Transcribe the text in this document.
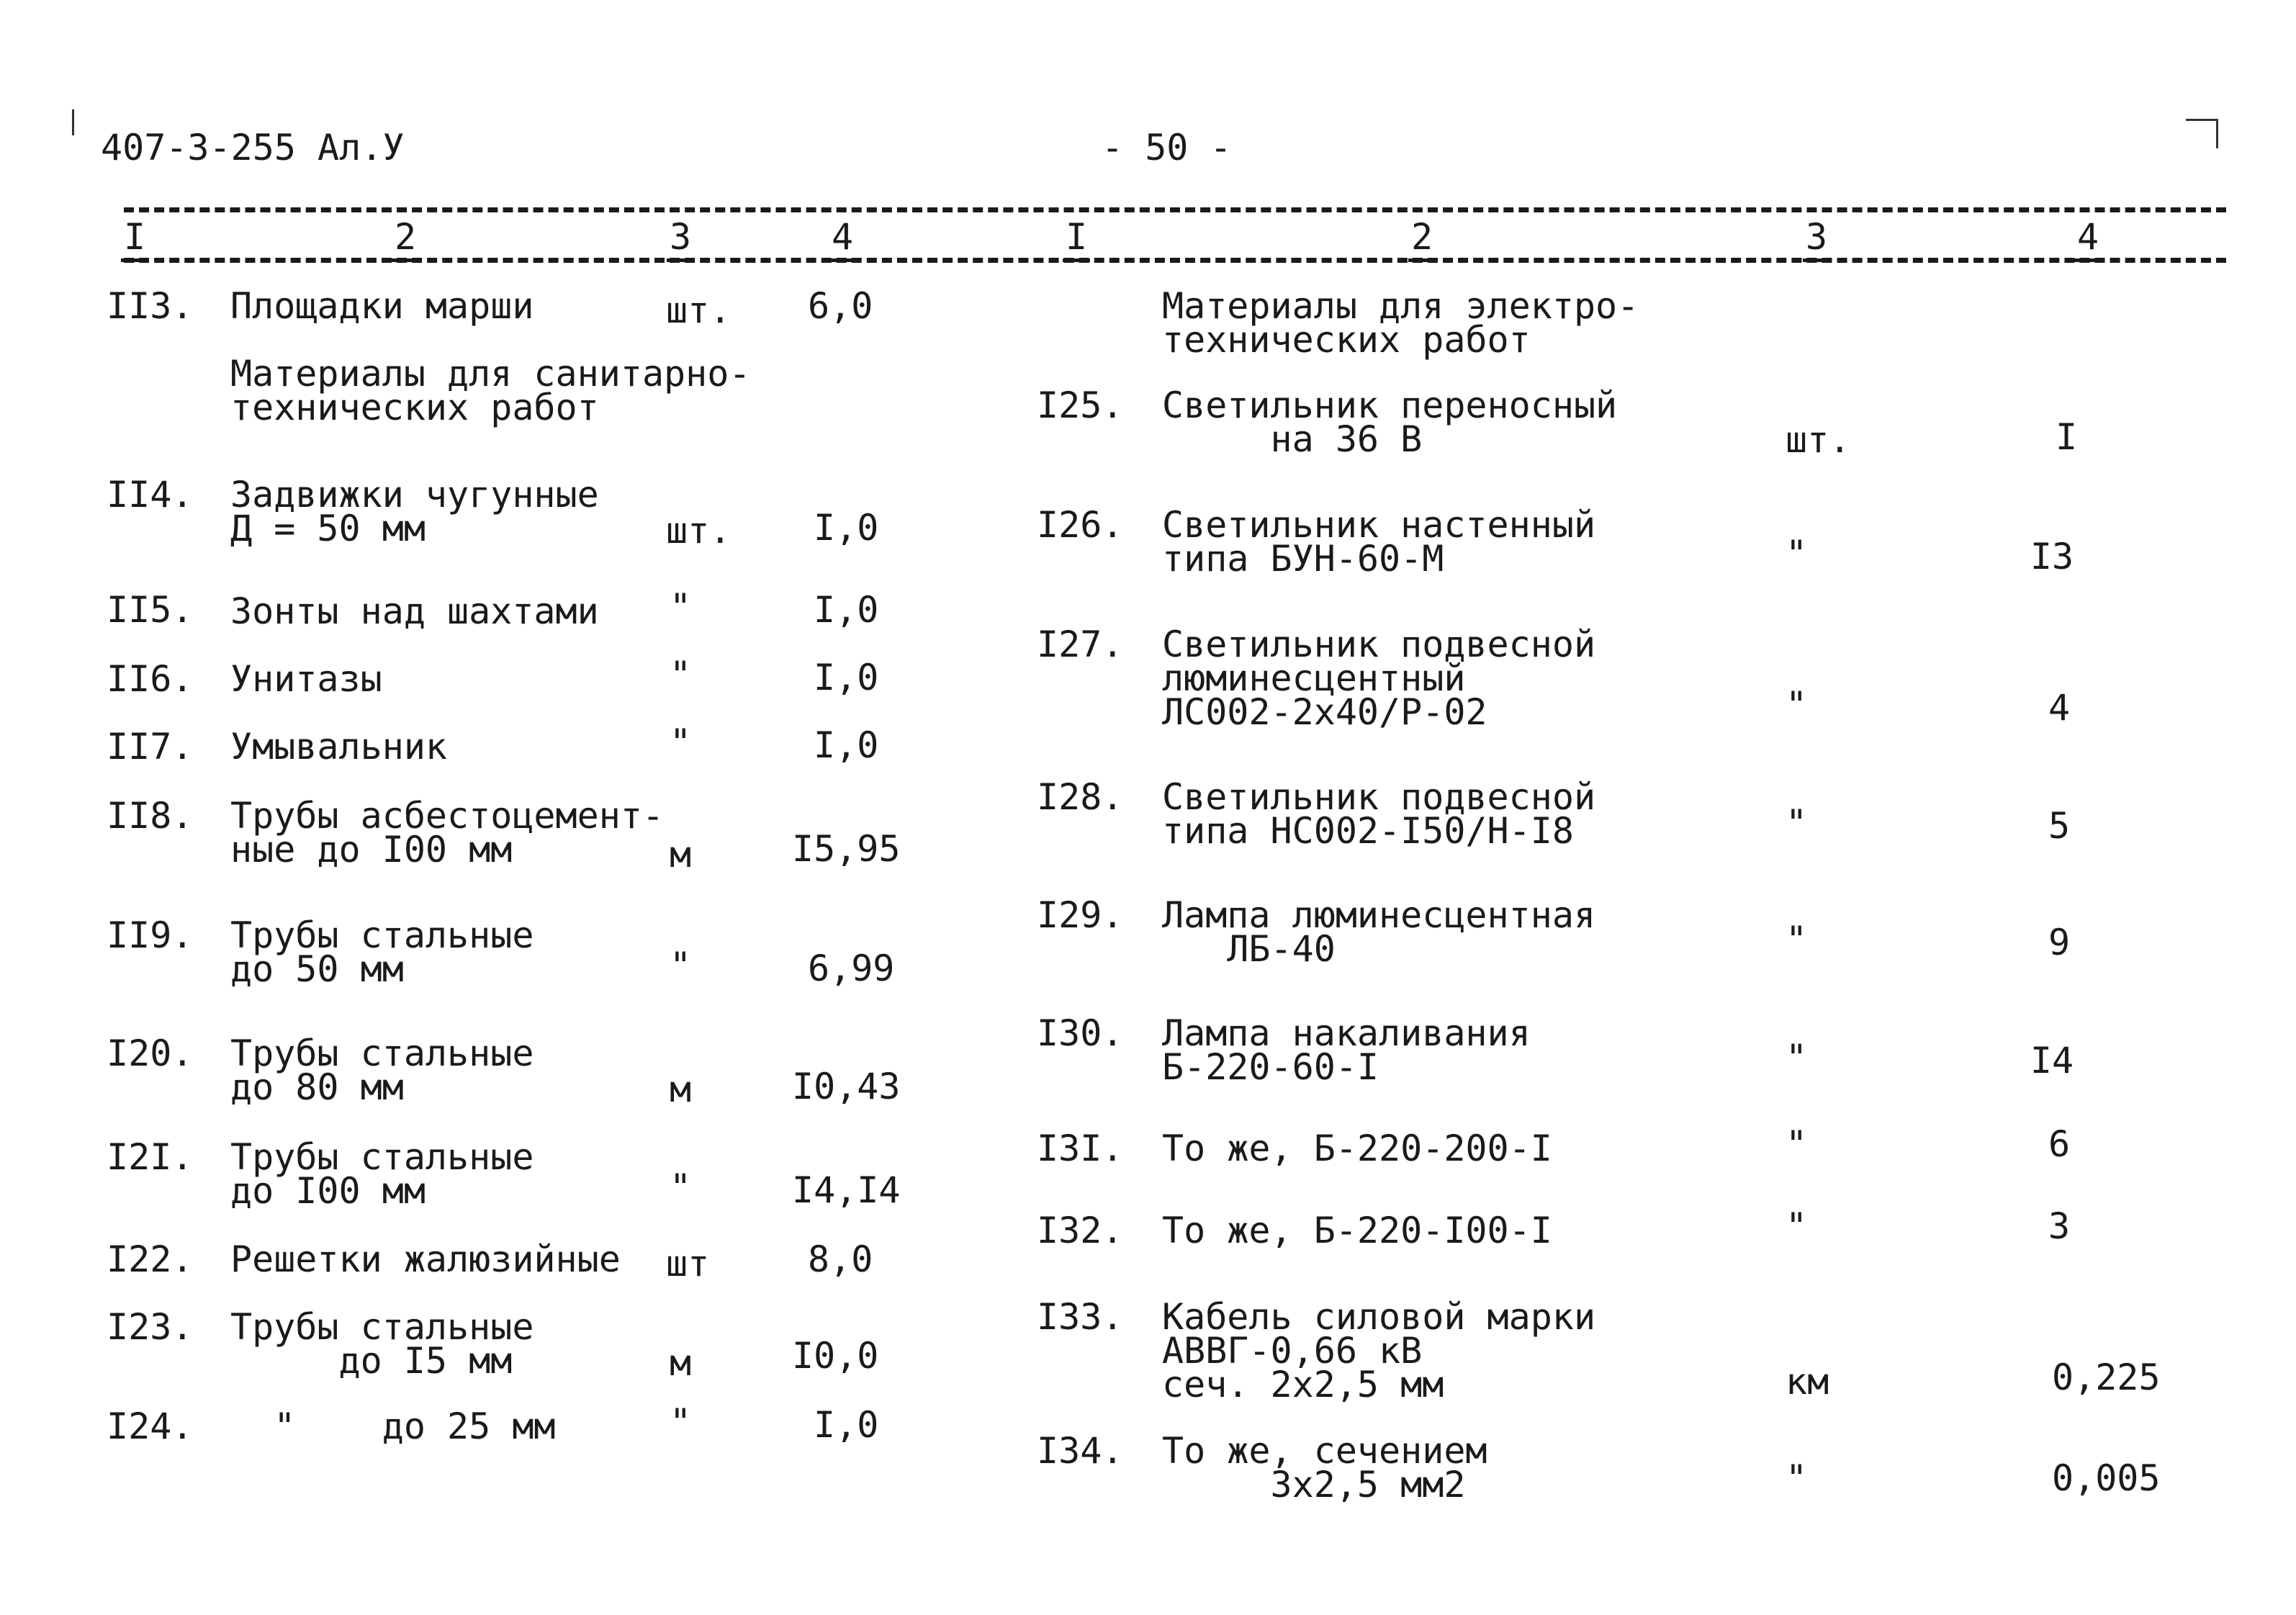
407-3-255 Ал.У	- 50 -
I	2	3	4	I	2	3	4
II3. Площадки марши	шт. 6,0
Материалы для санитарно-
технических работ
II4. Задвижки чугунные
Д = 50 мм	шт. I,0
II5. Зонты над шахтами "	I,0
II6. Унитазы	"	I,0
II7. Умывальник	"	I,0
II8. Трубы асбестоцемент-
ные до I00 мм	м	I5,95
II9. Трубы стальные
до 50 мм	"	6,99
I20. Трубы стальные
до 80 мм	м	I0,43
I2I. Трубы стальные
до I00 мм	"	I4,I4
I22. Решетки жалюзийные шт	8,0
I23. Трубы стальные
до I5 мм	м	I0,0
I24. "    до 25 мм	"	I,0
Материалы для электро-
технических работ
I25. Светильник переносный
на 36 В	шт.	I
I26. Светильник настенный
типа БУН-60-М	"	I3
I27. Светильник подвесной
люминесцентный
ЛС002-2х40/Р-02	"	4
I28. Светильник подвесной
типа НС002-I50/Н-I8	"	5
I29. Лампа люминесцентная
ЛБ-40	"	9
I30. Лампа накаливания
Б-220-60-I	"	I4
I3I. То же, Б-220-200-I	"	6
I32. То же, Б-220-I00-I	"	3
I33. Кабель силовой марки
АВВГ-0,66 кВ
сеч. 2х2,5 мм	км	0,225
I34. То же, сечением
3х2,5 мм2	"	0,005
